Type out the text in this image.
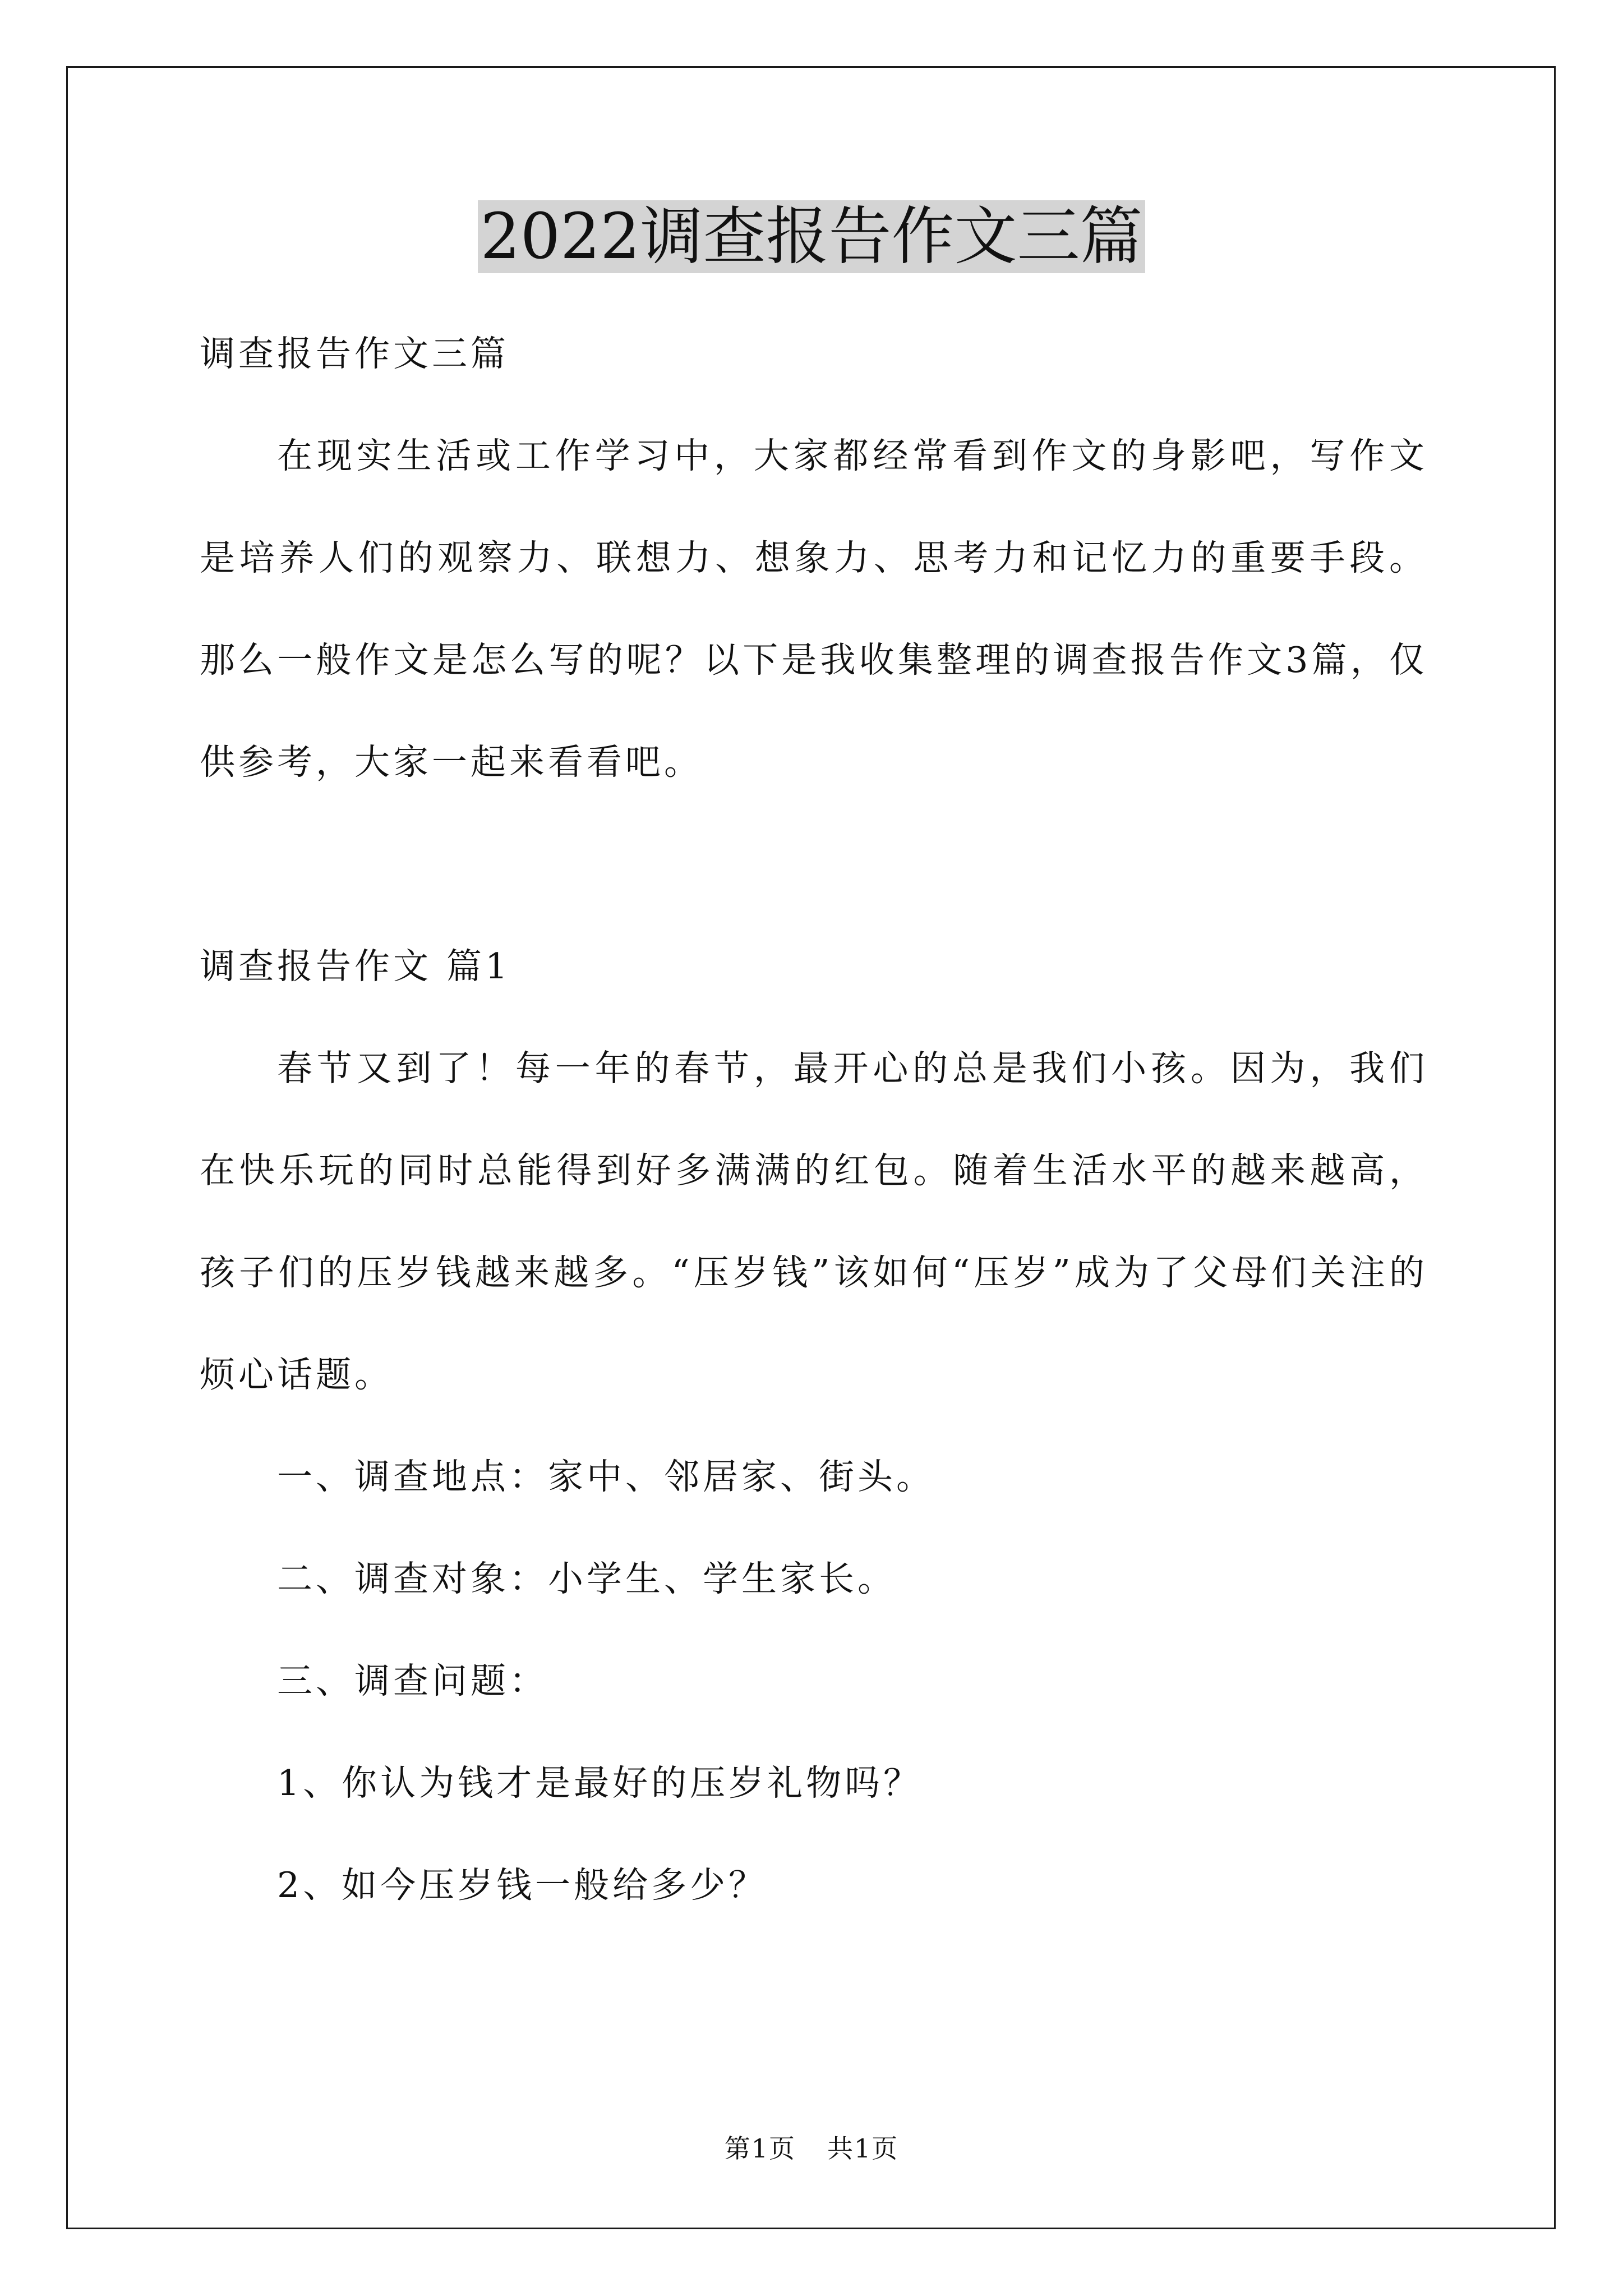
2022调查报告作文三篇

调查报告作文三篇

在现实生活或工作学习中，大家都经常看到作文的身影吧，写作文是培养人们的观察力、联想力、想象力、思考力和记忆力的重要手段。那么一般作文是怎么写的呢？以下是我收集整理的调查报告作文3篇，仅供参考，大家一起来看看吧。

调查报告作文 篇1

春节又到了！每一年的春节，最开心的总是我们小孩。因为，我们在快乐玩的同时总能得到好多满满的红包。随着生活水平的越来越高，孩子们的压岁钱越来越多。“压岁钱”该如何“压岁”成为了父母们关注的烦心话题。

一、调查地点：家中、邻居家、街头。

二、调查对象：小学生、学生家长。

三、调查问题：

1、你认为钱才是最好的压岁礼物吗？

2、如今压岁钱一般给多少？

第1页 共1页
